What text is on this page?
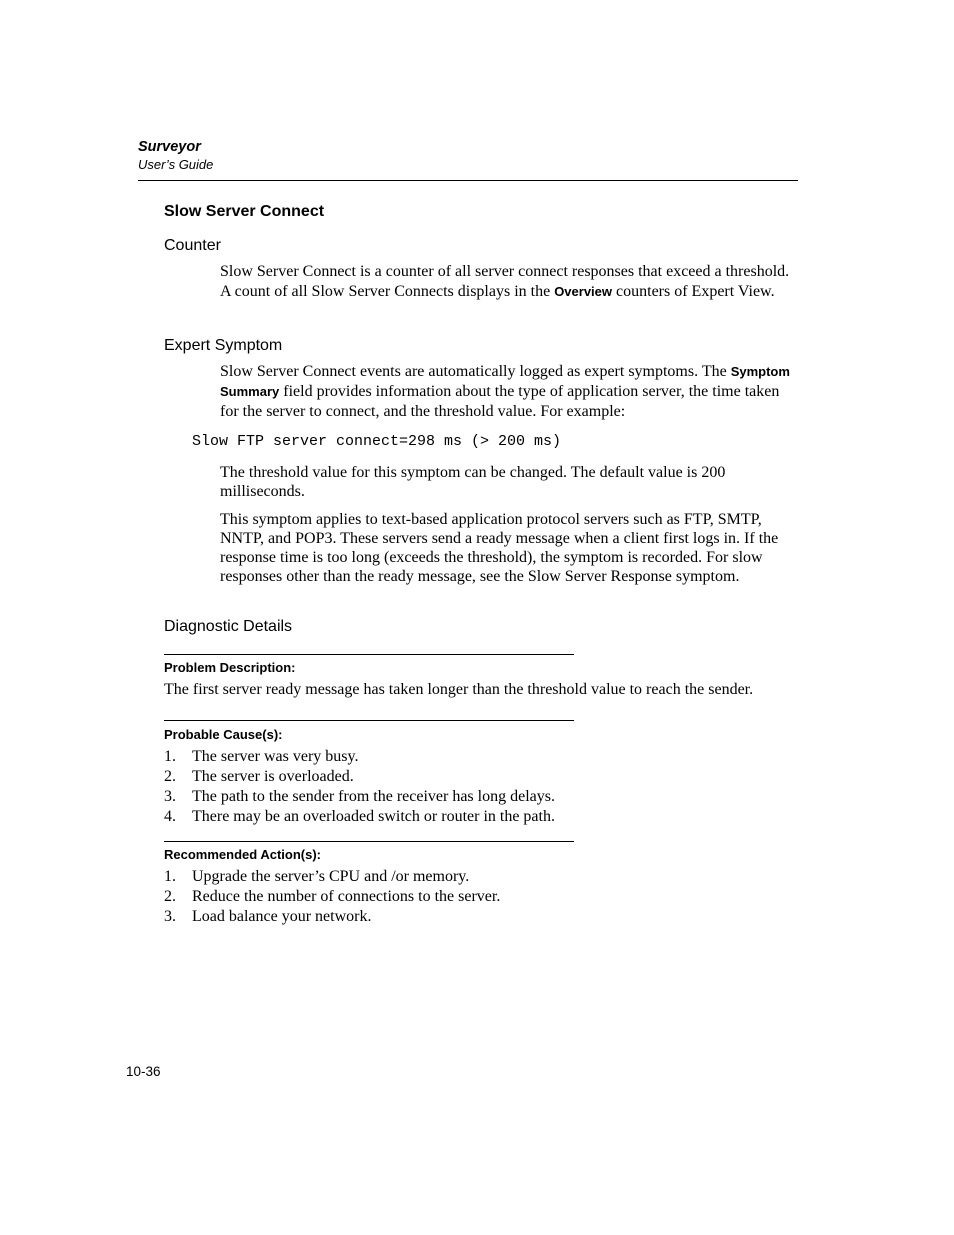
Surveyor
User’s Guide
Slow Server Connect
Counter
Slow Server Connect is a counter of all server connect responses that exceed a threshold. A count of all Slow Server Connects displays in the Overview counters of Expert View.
Expert Symptom
Slow Server Connect events are automatically logged as expert symptoms. The Symptom Summary field provides information about the type of application server, the time taken for the server to connect, and the threshold value. For example:
Slow FTP server connect=298 ms (> 200 ms)
The threshold value for this symptom can be changed. The default value is 200 milliseconds.
This symptom applies to text-based application protocol servers such as FTP, SMTP, NNTP, and POP3. These servers send a ready message when a client first logs in. If the response time is too long (exceeds the threshold), the symptom is recorded. For slow responses other than the ready message, see the Slow Server Response symptom.
Diagnostic Details
Problem Description:
The first server ready message has taken longer than the threshold value to reach the sender.
Probable Cause(s):
1. The server was very busy.
2. The server is overloaded.
3. The path to the sender from the receiver has long delays.
4. There may be an overloaded switch or router in the path.
Recommended Action(s):
1. Upgrade the server’s CPU and /or memory.
2. Reduce the number of connections to the server.
3. Load balance your network.
10-36
